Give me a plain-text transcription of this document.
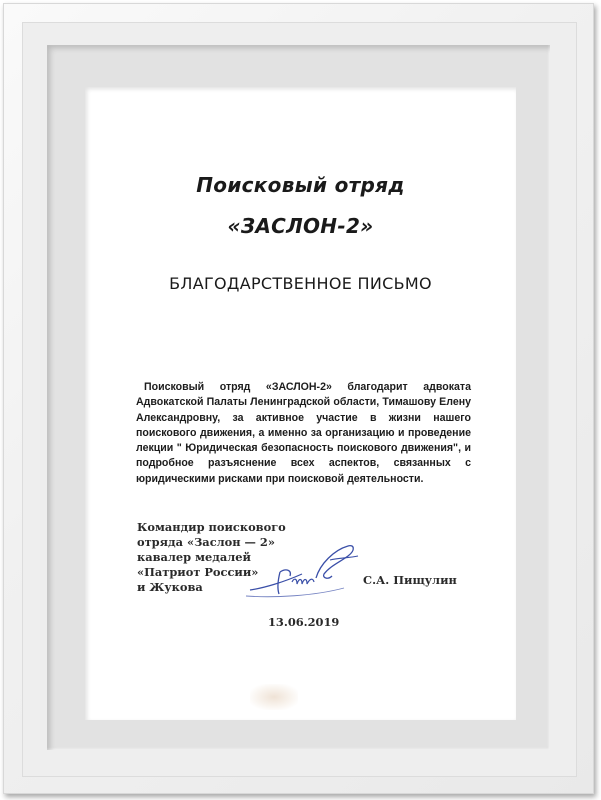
Поисковый отряд
«ЗАСЛОН-2»
БЛАГОДАРСТВЕННОЕ ПИСЬМО
Поисковый отряд «ЗАСЛОН-2» благодарит адвоката Адвокатской Палаты Ленинградской области, Тимашову Елену Александровну, за активное участие в жизни нашего поискового движения, а именно за организацию и проведение лекции " Юридическая безопасность поискового движения", и подробное разъяснение всех аспектов, связанных с юридическими рисками при поисковой деятельности.
Командир поискового
отряда «Заслон — 2»
кавалер медалей
«Патриот России»
и Жукова	С.А. Пищулин
13.06.2019
